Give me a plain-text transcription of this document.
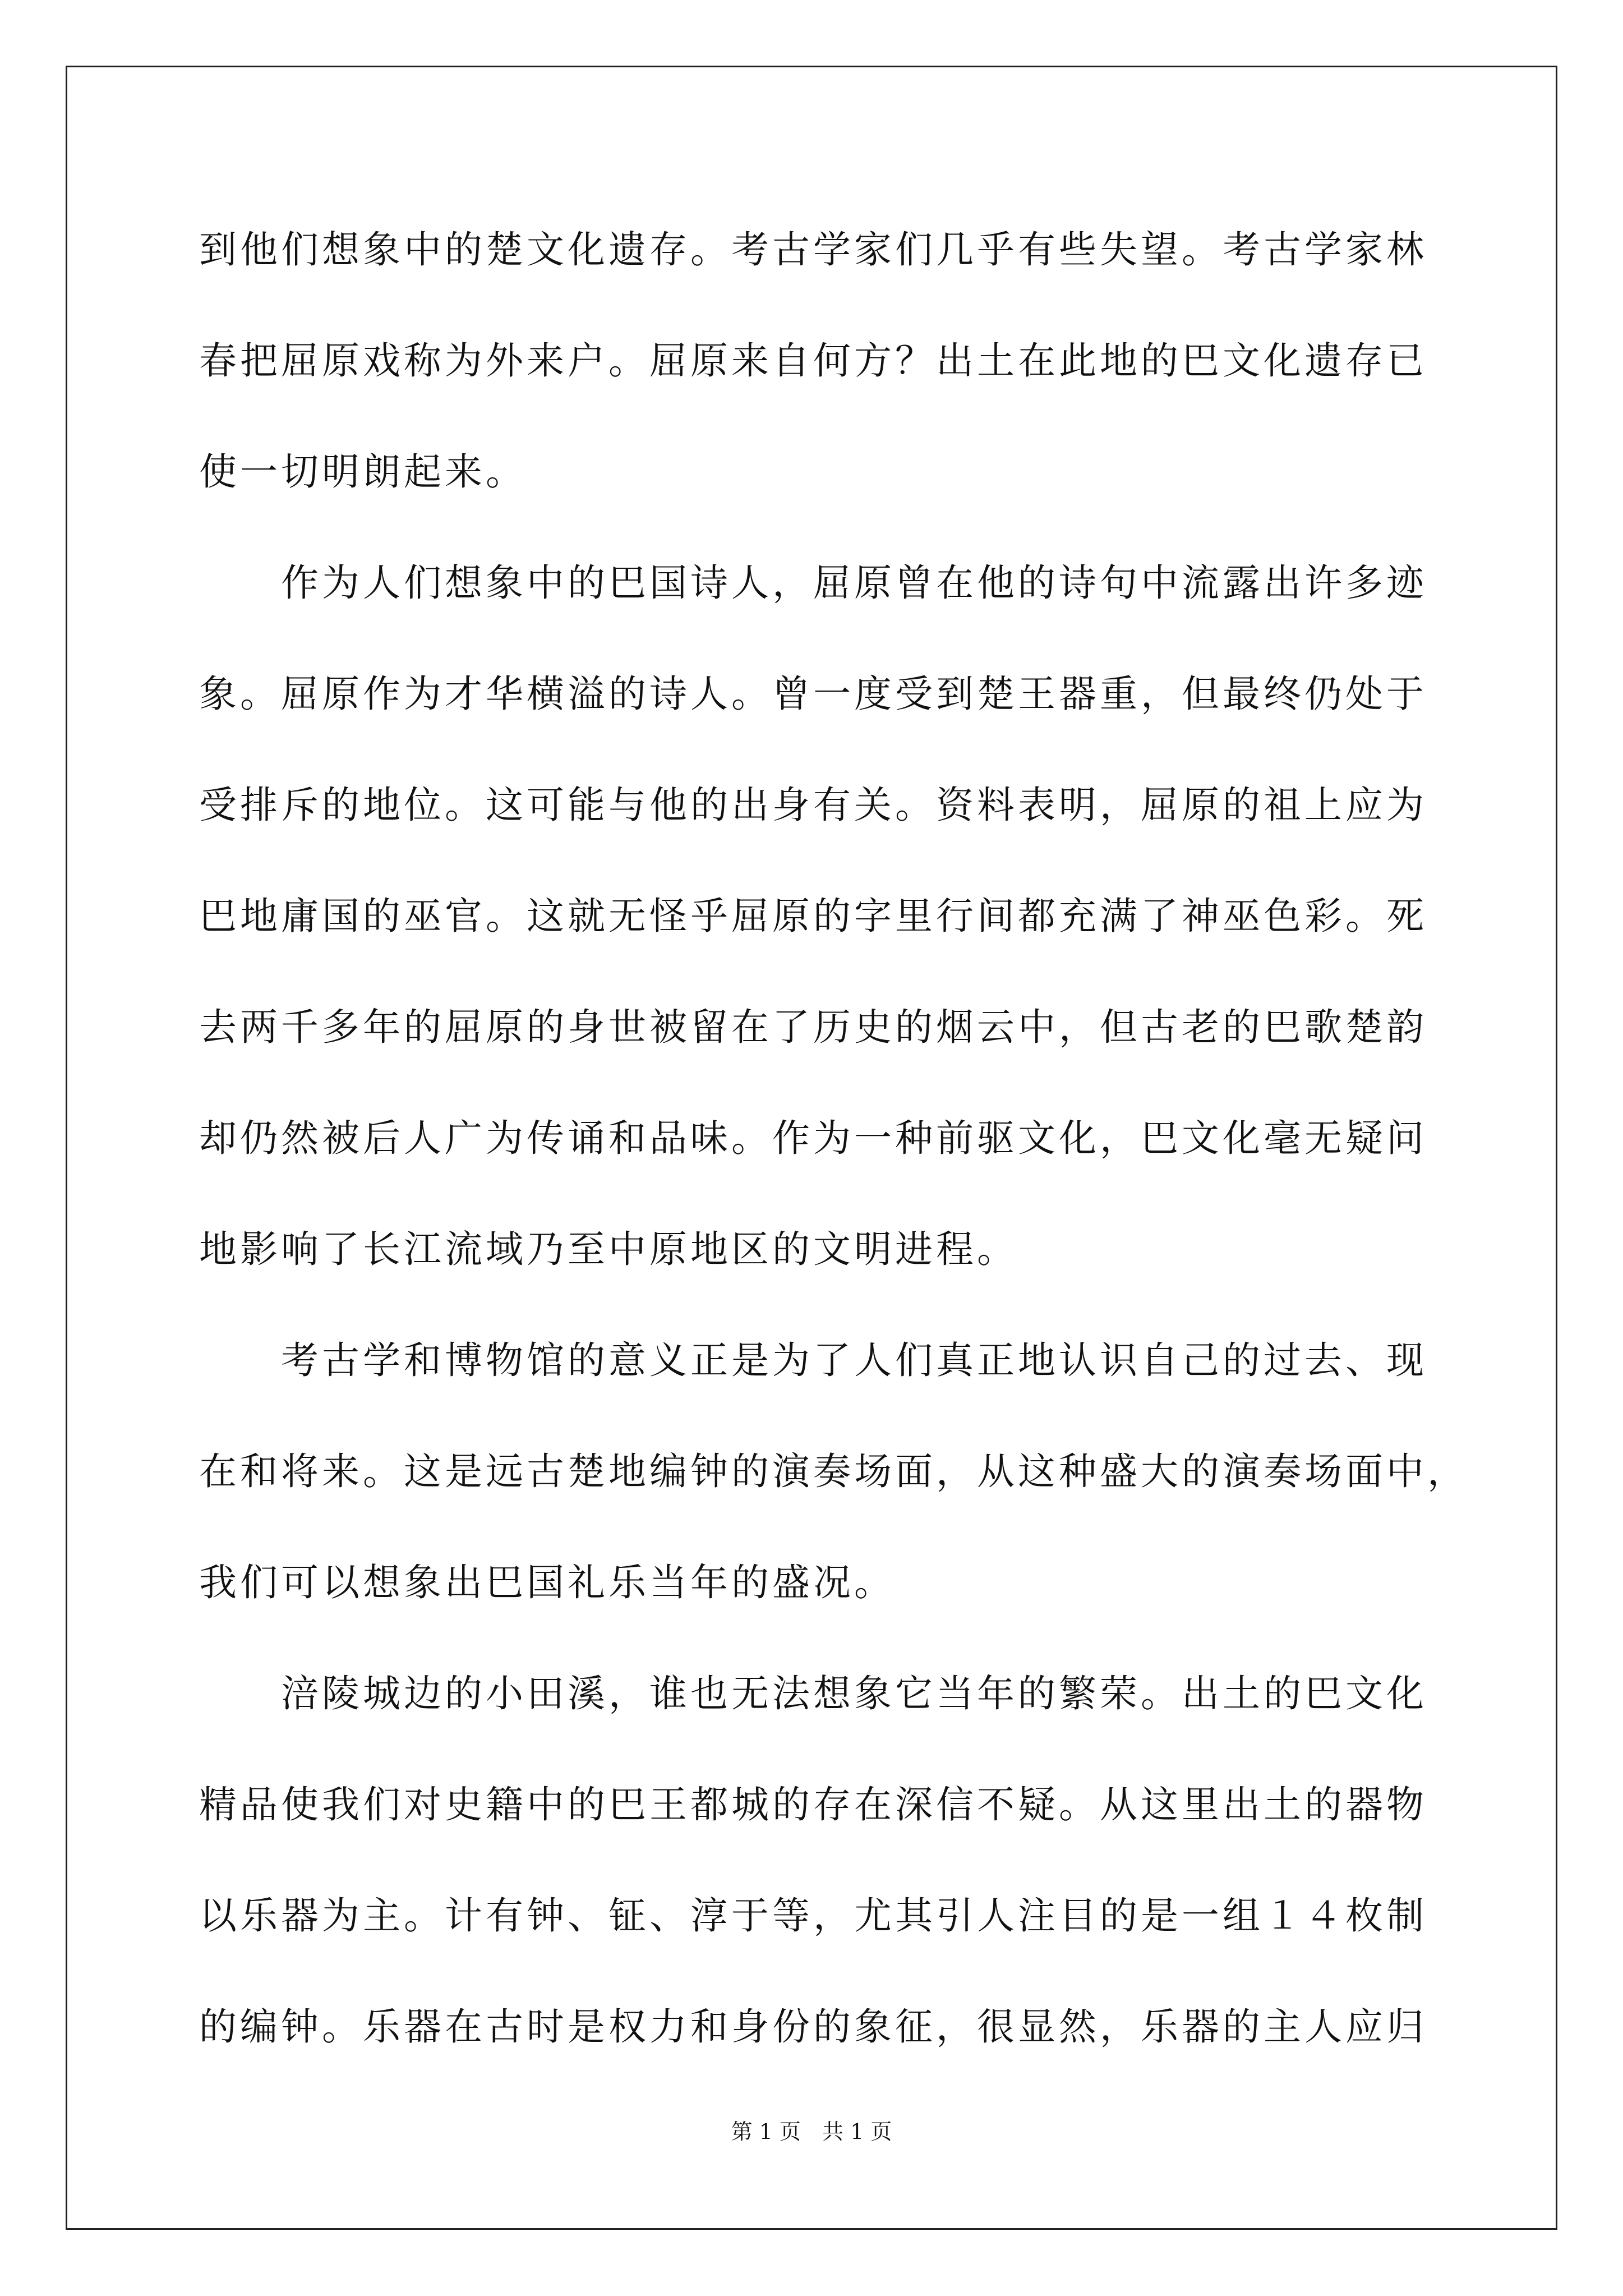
到他们想象中的楚文化遗存。考古学家们几乎有些失望。考古学家林
春把屈原戏称为外来户。屈原来自何方？出土在此地的巴文化遗存已
使一切明朗起来。
　　作为人们想象中的巴国诗人，屈原曾在他的诗句中流露出许多迹
象。屈原作为才华横溢的诗人。曾一度受到楚王器重，但最终仍处于
受排斥的地位。这可能与他的出身有关。资料表明，屈原的祖上应为
巴地庸国的巫官。这就无怪乎屈原的字里行间都充满了神巫色彩。死
去两千多年的屈原的身世被留在了历史的烟云中，但古老的巴歌楚韵
却仍然被后人广为传诵和品味。作为一种前驱文化，巴文化毫无疑问
地影响了长江流域乃至中原地区的文明进程。
　　考古学和博物馆的意义正是为了人们真正地认识自己的过去、现
在和将来。这是远古楚地编钟的演奏场面，从这种盛大的演奏场面中，
我们可以想象出巴国礼乐当年的盛况。
　　涪陵城边的小田溪，谁也无法想象它当年的繁荣。出土的巴文化
精品使我们对史籍中的巴王都城的存在深信不疑。从这里出土的器物
以乐器为主。计有钟、钲、淳于等，尤其引人注目的是一组１４枚制
的编钟。乐器在古时是权力和身份的象征，很显然，乐器的主人应归
第 1 页　共 1 页
